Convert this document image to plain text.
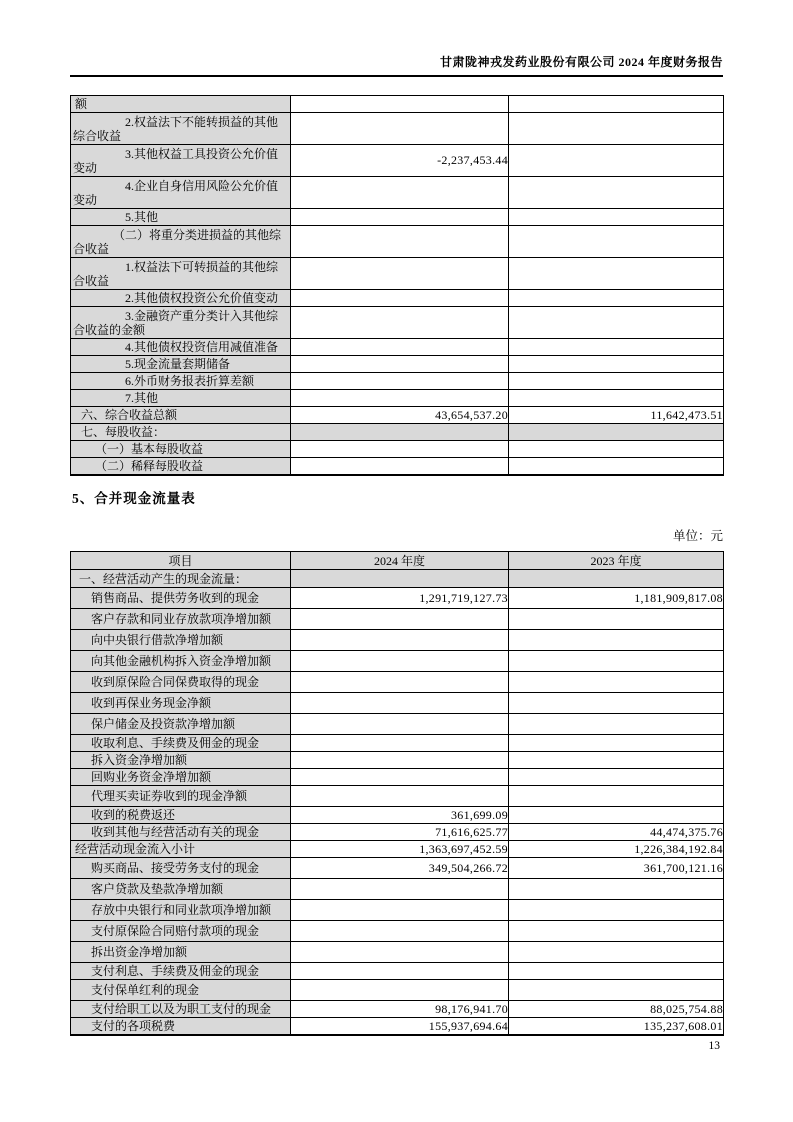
甘肃陇神戎发药业股份有限公司 2024 年度财务报告
额		

2.权益法下不能转损益的其他综合收益		

3.其他权益工具投资公允价值变动	-2,237,453.44	

4.企业自身信用风险公允价值变动		

5.其他		

（二）将重分类进损益的其他综合收益		

1.权益法下可转损益的其他综合收益		

2.其他债权投资公允价值变动		

3.金融资产重分类计入其他综合收益的金额		

4.其他债权投资信用减值准备		

5.现金流量套期储备		

6.外币财务报表折算差额		

7.其他		

六、综合收益总额	43,654,537.20	11,642,473.51

七、每股收益：		

（一）基本每股收益		

（二）稀释每股收益		

5、合并现金流量表
单位：元
项目	2024 年度	2023 年度

一、经营活动产生的现金流量：		

销售商品、提供劳务收到的现金	1,291,719,127.73	1,181,909,817.08

客户存款和同业存放款项净增加额		

向中央银行借款净增加额		

向其他金融机构拆入资金净增加额		

收到原保险合同保费取得的现金		

收到再保业务现金净额		

保户储金及投资款净增加额		

收取利息、手续费及佣金的现金		

拆入资金净增加额		

回购业务资金净增加额		

代理买卖证券收到的现金净额		

收到的税费返还	361,699.09	

收到其他与经营活动有关的现金	71,616,625.77	44,474,375.76

经营活动现金流入小计	1,363,697,452.59	1,226,384,192.84

购买商品、接受劳务支付的现金	349,504,266.72	361,700,121.16

客户贷款及垫款净增加额		

存放中央银行和同业款项净增加额		

支付原保险合同赔付款项的现金		

拆出资金净增加额		

支付利息、手续费及佣金的现金		

支付保单红利的现金		

支付给职工以及为职工支付的现金	98,176,941.70	88,025,754.88

支付的各项税费	155,937,694.64	135,237,608.01
13
